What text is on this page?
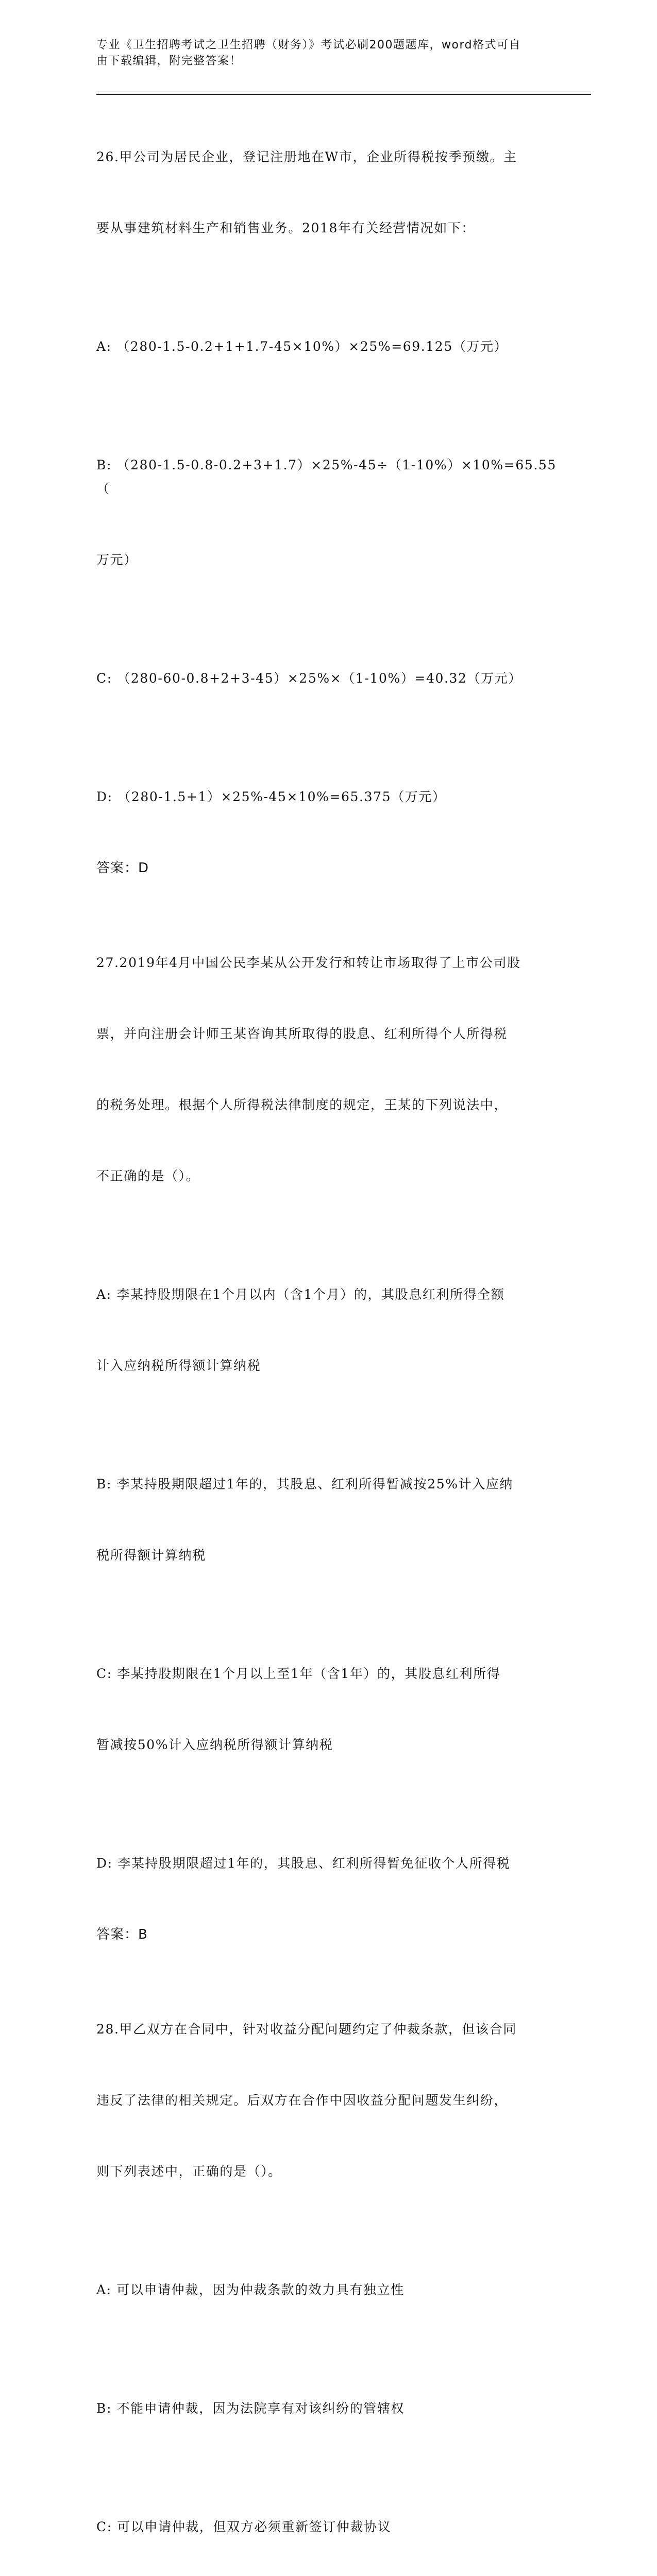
专业《卫生招聘考试之卫生招聘（财务）》考试必刷200题题库，word格式可自
由下载编辑，附完整答案！

26.甲公司为居民企业，登记注册地在W市，企业所得税按季预缴。主

要从事建筑材料生产和销售业务。2018年有关经营情况如下：

A: （280-1.5-0.2+1+1.7-45×10%）×25%=69.125（万元）

B: （280-1.5-0.8-0.2+3+1.7）×25%-45÷（1-10%）×10%=65.55（

万元）

C: （280-60-0.8+2+3-45）×25%×（1-10%）=40.32（万元）

D: （280-1.5+1）×25%-45×10%=65.375（万元）

答案：D

27.2019年4月中国公民李某从公开发行和转让市场取得了上市公司股

票，并向注册会计师王某咨询其所取得的股息、红利所得个人所得税

的税务处理。根据个人所得税法律制度的规定，王某的下列说法中，

不正确的是（）。

A: 李某持股期限在1个月以内（含1个月）的，其股息红利所得全额

计入应纳税所得额计算纳税

B: 李某持股期限超过1年的，其股息、红利所得暂减按25%计入应纳

税所得额计算纳税

C: 李某持股期限在1个月以上至1年（含1年）的，其股息红利所得

暂减按50%计入应纳税所得额计算纳税

D: 李某持股期限超过1年的，其股息、红利所得暂免征收个人所得税

答案：B

28.甲乙双方在合同中，针对收益分配问题约定了仲裁条款，但该合同

违反了法律的相关规定。后双方在合作中因收益分配问题发生纠纷，

则下列表述中，正确的是（）。

A: 可以申请仲裁，因为仲裁条款的效力具有独立性

B: 不能申请仲裁，因为法院享有对该纠纷的管辖权

C: 可以申请仲裁，但双方必须重新签订仲裁协议
